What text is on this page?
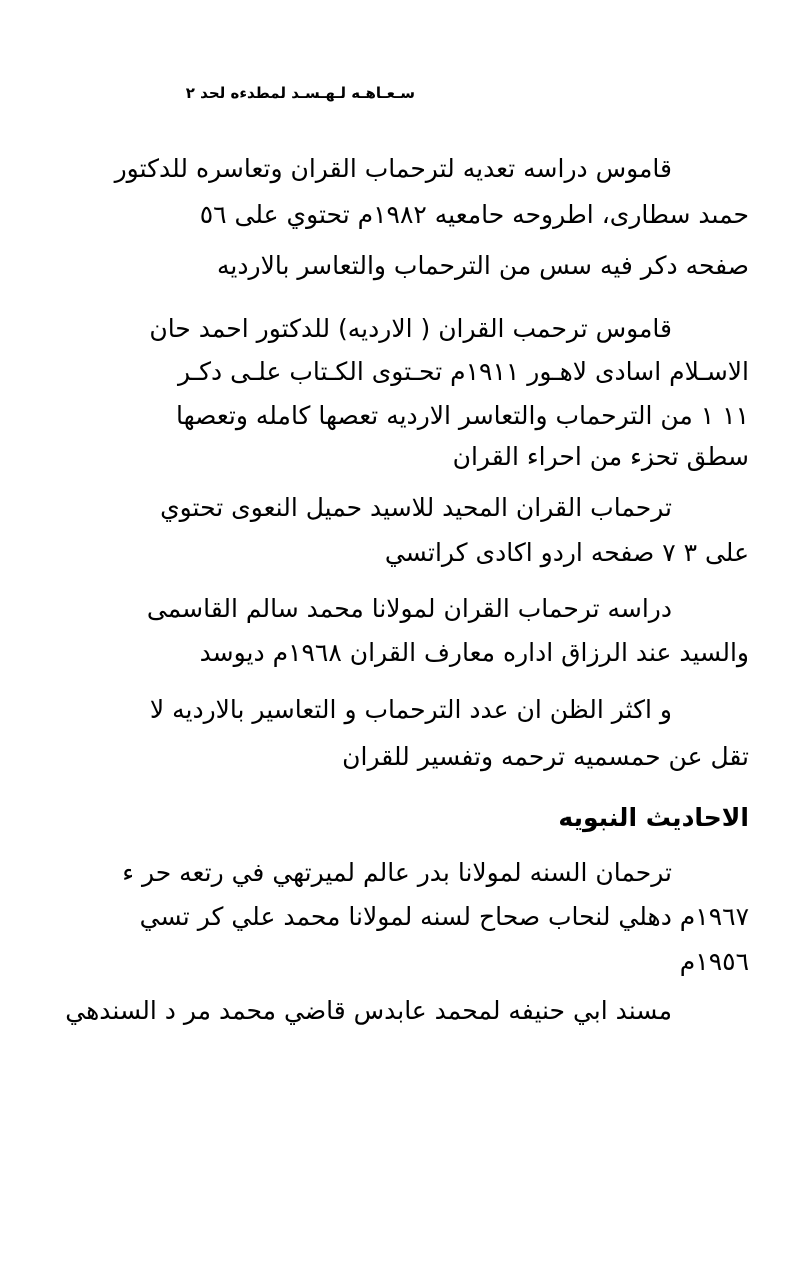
سـعـاهـه لـهـسـد لمطدءه لحد ٢
قاموس دراسه تعديه لترحماب القران وتعاسره للدكتور
حمىد سطارى، اطروحه حامعيه ١٩٨٢م تحتوي على ٥٦
صفحه دكر فيه سس من الترحماب والتعاسر بالارديه
قاموس ترحمب القران ( الارديه) للدكتور احمد حان
الاسـلام اسادى لاهـور ١٩١١م تحـتوى الكـتاب علـى دكـر
١١ ١ من الترحماب والتعاسر الارديه تعصها كامله وتعصها
سطق تحزء من احراء القران
ترحماب القران المحيد للاسيد حميل النعوى تحتوي
على ٣ ٧ صفحه اردو اكادى كراتسي
دراسه ترحماب القران لمولانا محمد سالم القاسمى
والسيد عند الرزاق اداره معارف القران ١٩٦٨م ديوسد
و اكثر الظن ان عدد الترحماب و التعاسير بالارديه لا
تقل عن حمسميه ترحمه وتفسير للقران
الاحاديث النبويه
ترحمان السنه لمولانا بدر عالم لميرتهي في رتعه حر ء
١٩٦٧م دهلي لنحاب صحاح لسنه لمولانا محمد علي كر تسي
١٩٥٦م
مسند ابي حنيفه لمحمد عابدس قاضي محمد مر د السندهي
